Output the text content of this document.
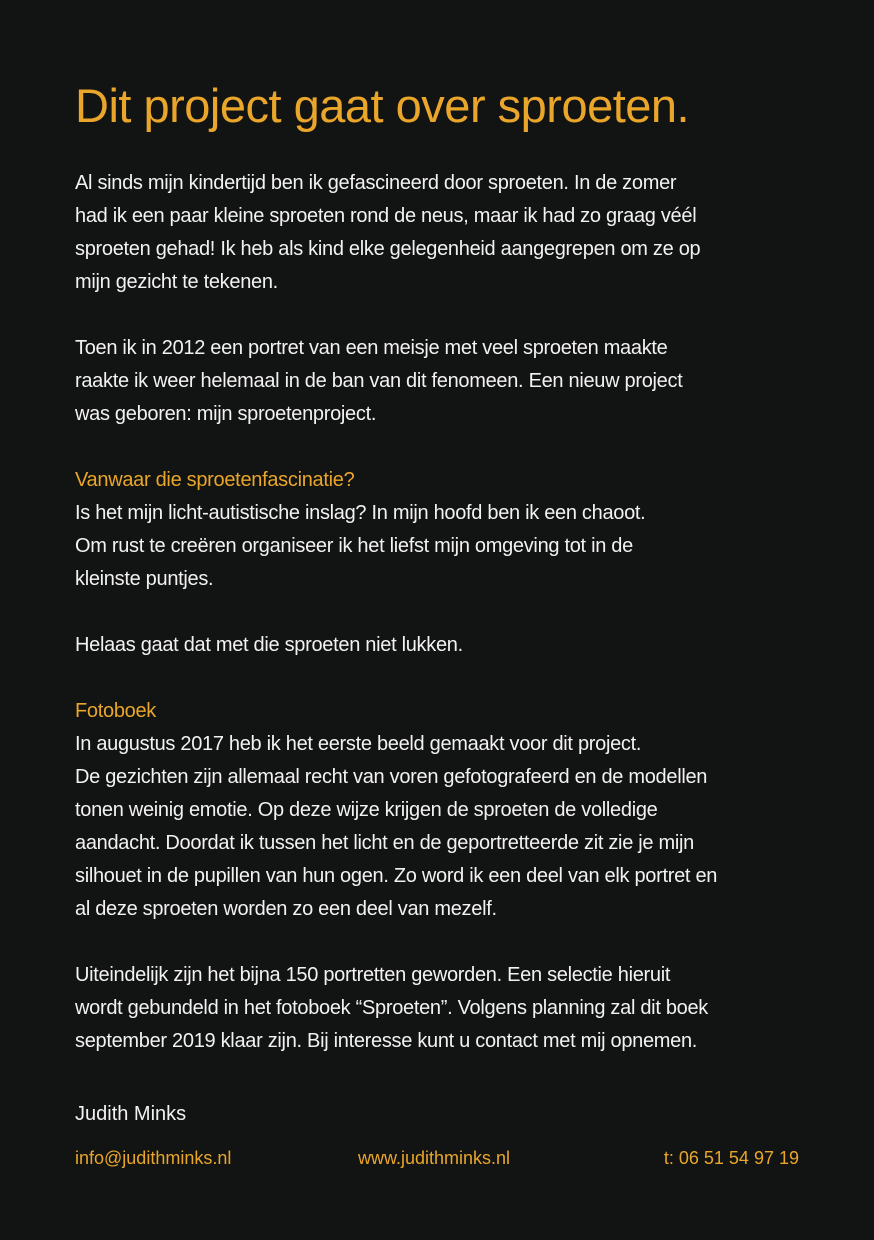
Dit project gaat over sproeten.
Al sinds mijn kindertijd ben ik gefascineerd door sproeten. In de zomer
had ik een paar kleine sproeten rond de neus, maar ik had zo graag véél
sproeten gehad! Ik heb als kind elke gelegenheid aangegrepen om ze op
mijn gezicht te tekenen.
Toen ik in 2012 een portret van een meisje met veel sproeten maakte
raakte ik weer helemaal in de ban van dit fenomeen. Een nieuw project
was geboren: mijn sproetenproject.
Vanwaar die sproetenfascinatie?
Is het mijn licht-autistische inslag? In mijn hoofd ben ik een chaoot.
Om rust te creëren organiseer ik het liefst mijn omgeving tot in de
kleinste puntjes.
Helaas gaat dat met die sproeten niet lukken.
Fotoboek
In augustus 2017 heb ik het eerste beeld gemaakt voor dit project.
De gezichten zijn allemaal recht van voren gefotografeerd en de modellen
tonen weinig emotie. Op deze wijze krijgen de sproeten de volledige
aandacht. Doordat ik tussen het licht en de geportretteerde zit zie je mijn
silhouet in de pupillen van hun ogen. Zo word ik een deel van elk portret en
al deze sproeten worden zo een deel van mezelf.
Uiteindelijk zijn het bijna 150 portretten geworden. Een selectie hieruit
wordt gebundeld in het fotoboek “Sproeten”. Volgens planning zal dit boek
september 2019 klaar zijn. Bij interesse kunt u contact met mij opnemen.
Judith Minks
info@judithminks.nl	www.judithminks.nl	t: 06 51 54 97 19
